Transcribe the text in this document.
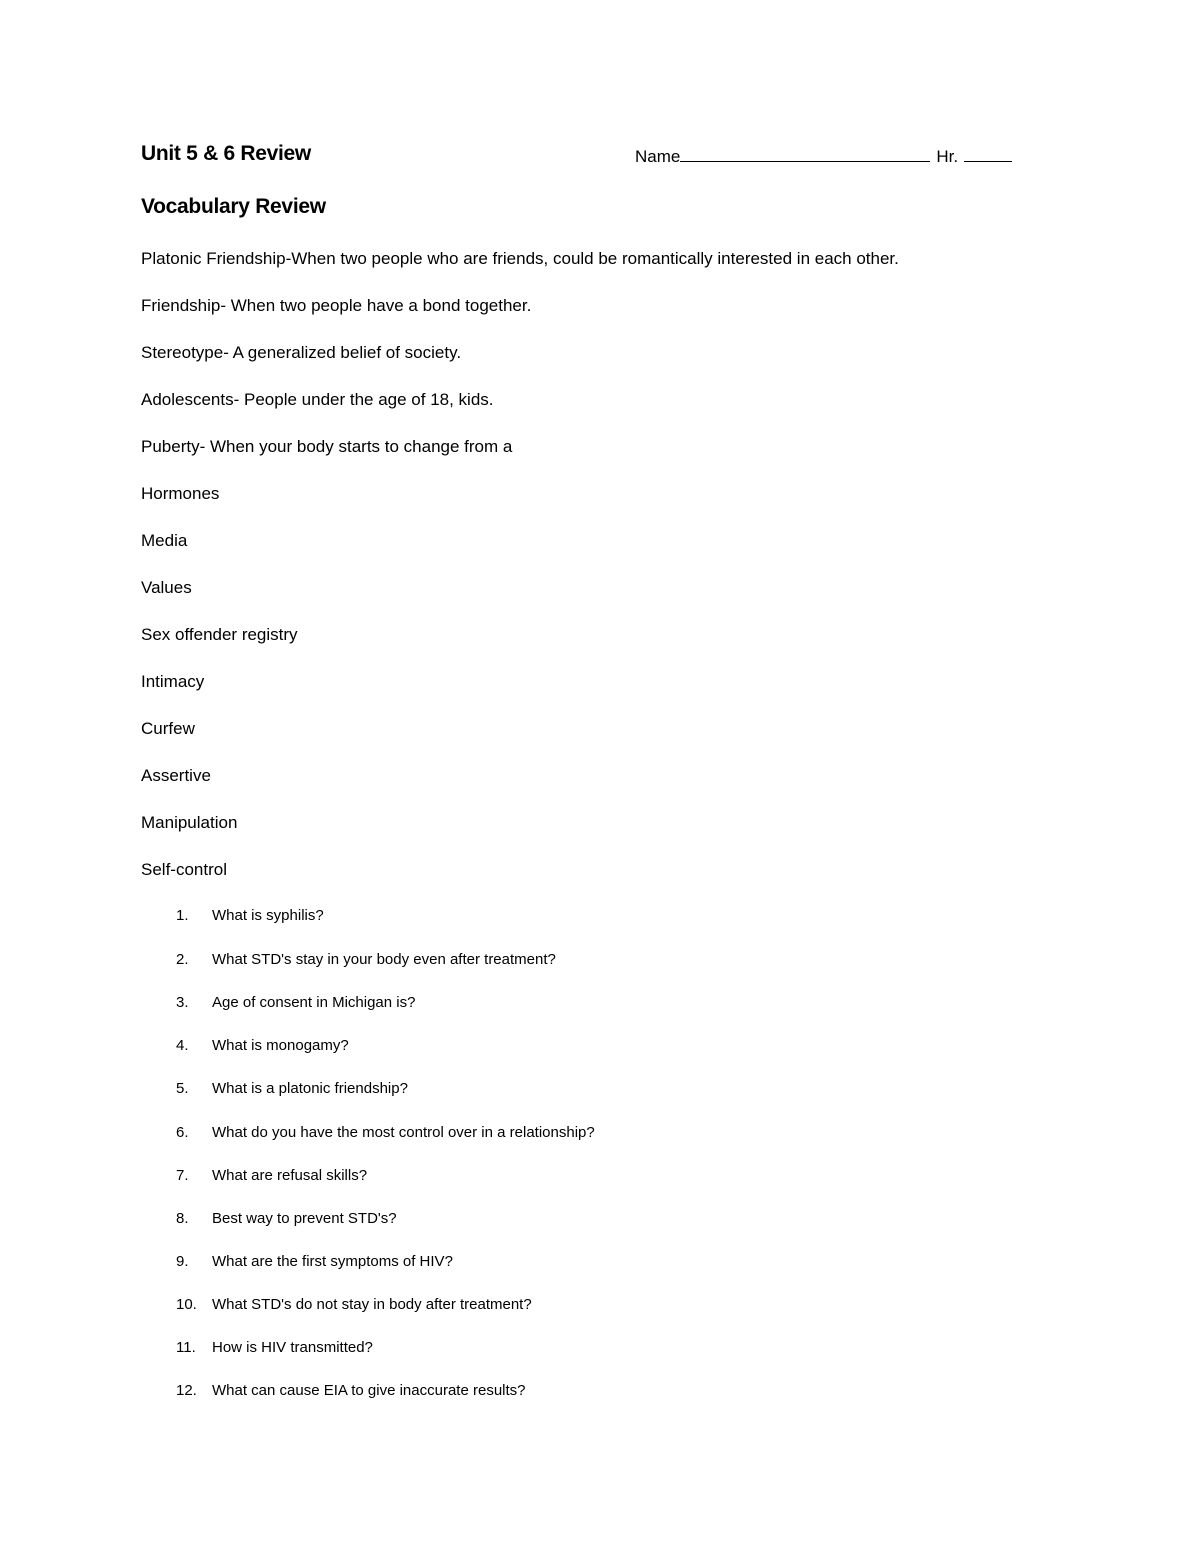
Unit 5 & 6 Review	Name	Hr.
Vocabulary Review
Platonic Friendship-When two people who are friends, could be romantically interested in each other.
Friendship- When two people have a bond together.
Stereotype- A generalized belief of society.
Adolescents- People under the age of 18, kids.
Puberty- When your body starts to change from a
Hormones
Media
Values
Sex offender registry
Intimacy
Curfew
Assertive
Manipulation
Self-control
1.	What is syphilis?
2.	What STD's stay in your body even after treatment?
3.	Age of consent in Michigan is?
4.	What is monogamy?
5.	What is a platonic friendship?
6.	What do you have the most control over in a relationship?
7.	What are refusal skills?
8.	Best way to prevent STD's?
9.	What are the first symptoms of HIV?
10.	What STD's do not stay in body after treatment?
11.	How is HIV transmitted?
12.	What can cause EIA to give inaccurate results?
